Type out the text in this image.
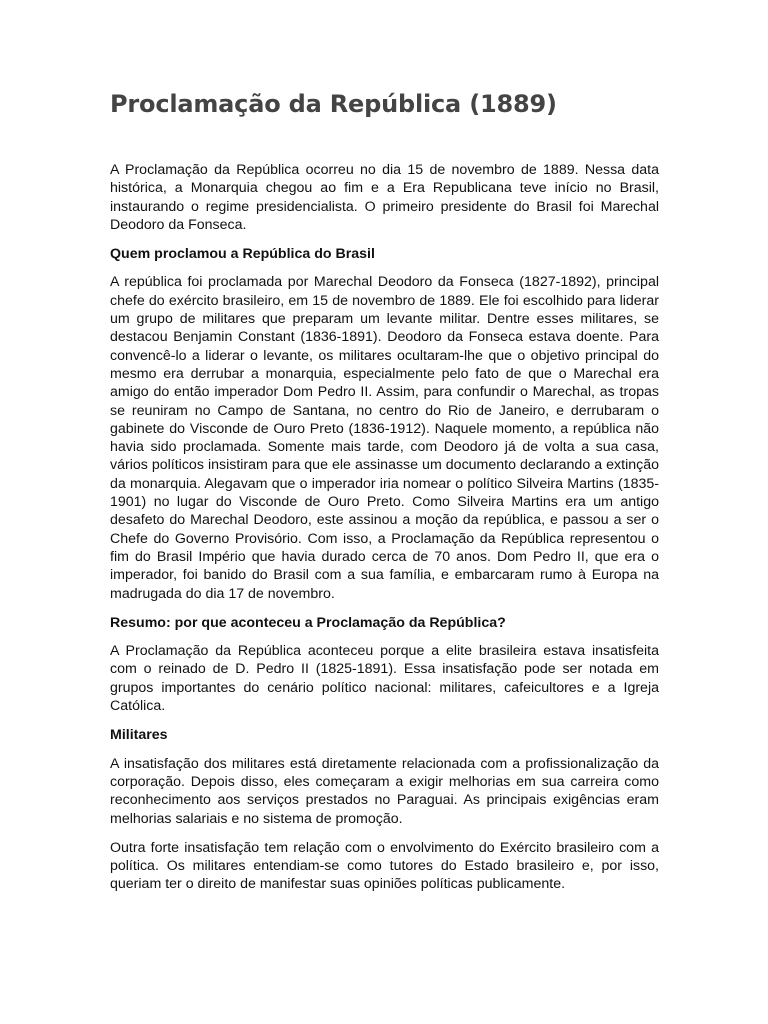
Proclamação da República (1889)

A Proclamação da República ocorreu no dia 15 de novembro de 1889. Nessa data histórica, a Monarquia chegou ao fim e a Era Republicana teve início no Brasil, instaurando o regime presidencialista. O primeiro presidente do Brasil foi Marechal Deodoro da Fonseca.

Quem proclamou a República do Brasil

A república foi proclamada por Marechal Deodoro da Fonseca (1827-1892), principal chefe do exército brasileiro, em 15 de novembro de 1889. Ele foi escolhido para liderar um grupo de militares que preparam um levante militar. Dentre esses militares, se destacou Benjamin Constant (1836-1891). Deodoro da Fonseca estava doente. Para convencê-lo a liderar o levante, os militares ocultaram-lhe que o objetivo principal do mesmo era derrubar a monarquia, especialmente pelo fato de que o Marechal era amigo do então imperador Dom Pedro II. Assim, para confundir o Marechal, as tropas se reuniram no Campo de Santana, no centro do Rio de Janeiro, e derrubaram o gabinete do Visconde de Ouro Preto (1836-1912). Naquele momento, a república não havia sido proclamada. Somente mais tarde, com Deodoro já de volta a sua casa, vários políticos insistiram para que ele assinasse um documento declarando a extinção da monarquia. Alegavam que o imperador iria nomear o político Silveira Martins (1835-1901) no lugar do Visconde de Ouro Preto. Como Silveira Martins era um antigo desafeto do Marechal Deodoro, este assinou a moção da república, e passou a ser o Chefe do Governo Provisório. Com isso, a Proclamação da República representou o fim do Brasil Império que havia durado cerca de 70 anos. Dom Pedro II, que era o imperador, foi banido do Brasil com a sua família, e embarcaram rumo à Europa na madrugada do dia 17 de novembro.

Resumo: por que aconteceu a Proclamação da República?

A Proclamação da República aconteceu porque a elite brasileira estava insatisfeita com o reinado de D. Pedro II (1825-1891). Essa insatisfação pode ser notada em grupos importantes do cenário político nacional: militares, cafeicultores e a Igreja Católica.

Militares

A insatisfação dos militares está diretamente relacionada com a profissionalização da corporação. Depois disso, eles começaram a exigir melhorias em sua carreira como reconhecimento aos serviços prestados no Paraguai. As principais exigências eram melhorias salariais e no sistema de promoção.

Outra forte insatisfação tem relação com o envolvimento do Exército brasileiro com a política. Os militares entendiam-se como tutores do Estado brasileiro e, por isso, queriam ter o direito de manifestar suas opiniões políticas publicamente.
